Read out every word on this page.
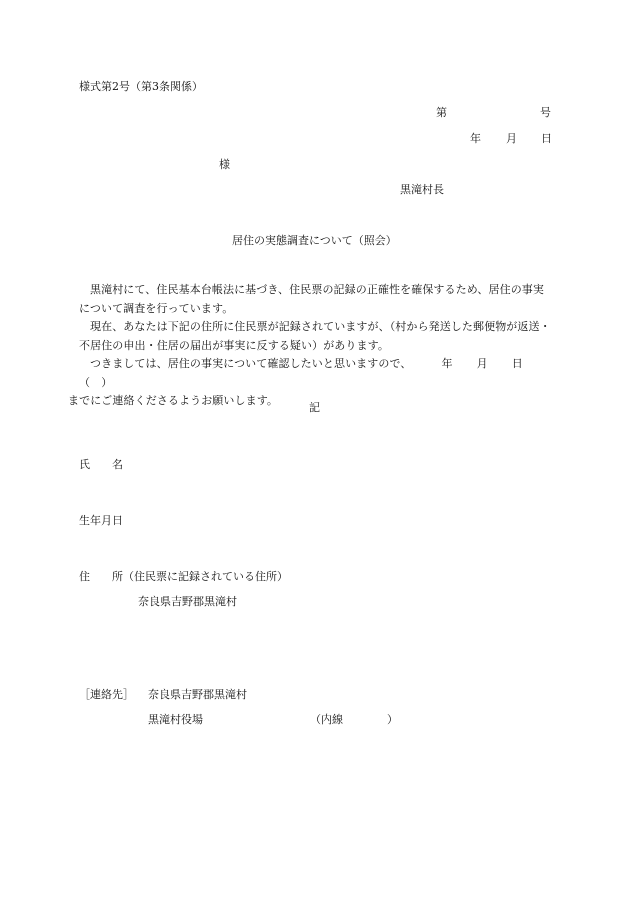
様式第2号（第3条関係）
第	号
年 月 日
様
黒滝村長
居住の実態調査について（照会）

黒滝村にて、住民基本台帳法に基づき、住民票の記録の正確性を確保するため、居住の事実について調査を行っています。

現在、あなたは下記の住所に住民票が記録されていますが、（村から発送した郵便物が返送・不居住の申出・住居の届出が事実に反する疑い）があります。

つきましては、居住の事実について確認したいと思いますので、	年 月 日（　）
までにご連絡くださるようお願いします。

記
氏　　名
生年月日
住　　所（住民票に記録されている住所）
奈良県吉野郡黒滝村
［連絡先］ 奈良県吉野郡黒滝村
黒滝村役場	（内線　　　　）
